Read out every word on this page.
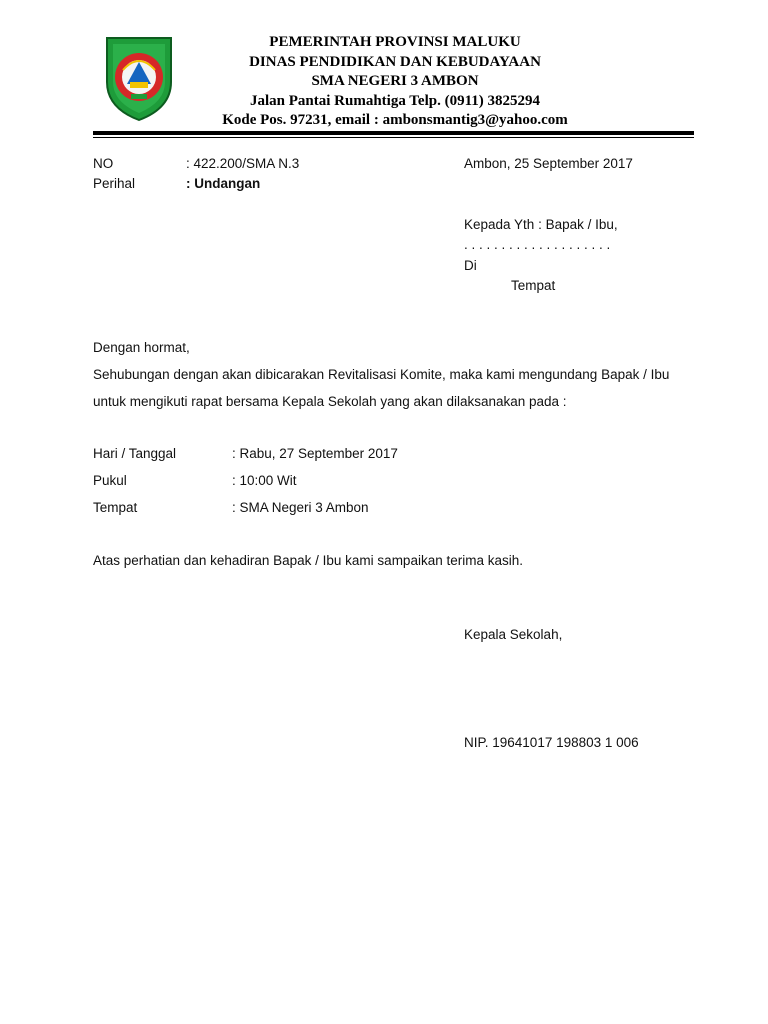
PEMERINTAH PROVINSI MALUKU
DINAS PENDIDIKAN DAN KEBUDAYAAN
SMA NEGERI 3 AMBON
Jalan Pantai Rumahtiga Telp. (0911) 3825294
Kode Pos. 97231, email : ambonsmantig3@yahoo.com
NO	: 422.200/SMA N.3	Ambon, 25 September 2017
Perihal	: Undangan
Kepada Yth : Bapak / Ibu,
. . . . . . . . . . . . . . . . . . . .
Di
Tempat
Dengan hormat,
Sehubungan dengan akan dibicarakan Revitalisasi Komite, maka kami mengundang Bapak / Ibu
untuk mengikuti rapat bersama Kepala Sekolah yang akan dilaksanakan pada :
Hari / Tanggal	: Rabu, 27 September 2017
Pukul	: 10:00 Wit
Tempat	: SMA Negeri 3 Ambon
Atas perhatian dan kehadiran Bapak / Ibu kami sampaikan terima kasih.
Kepala Sekolah,
NIP. 19641017 198803 1 006
